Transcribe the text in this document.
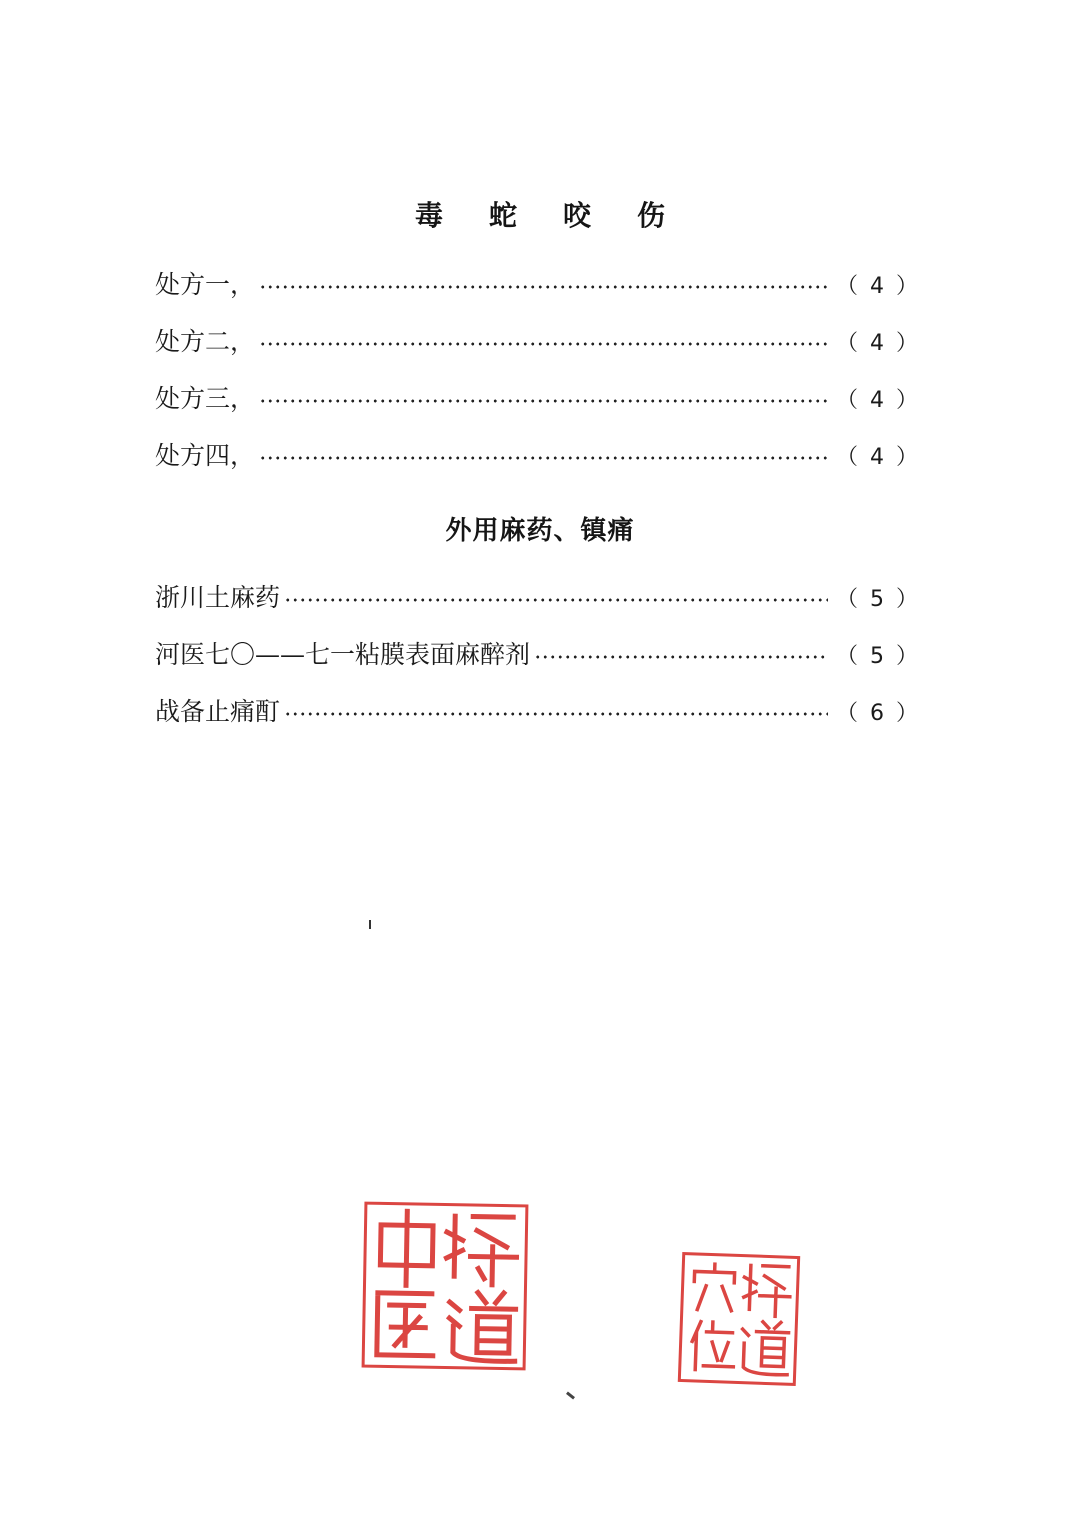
毒蛇咬伤
处方一，	（4）
处方二，	（4）
处方三，	（4）
处方四，	（4）
外用麻药、镇痛
浙川土麻药	（5）
河医七〇——七一粘膜表面麻醉剂	（5）
战备止痛酊	（6）
